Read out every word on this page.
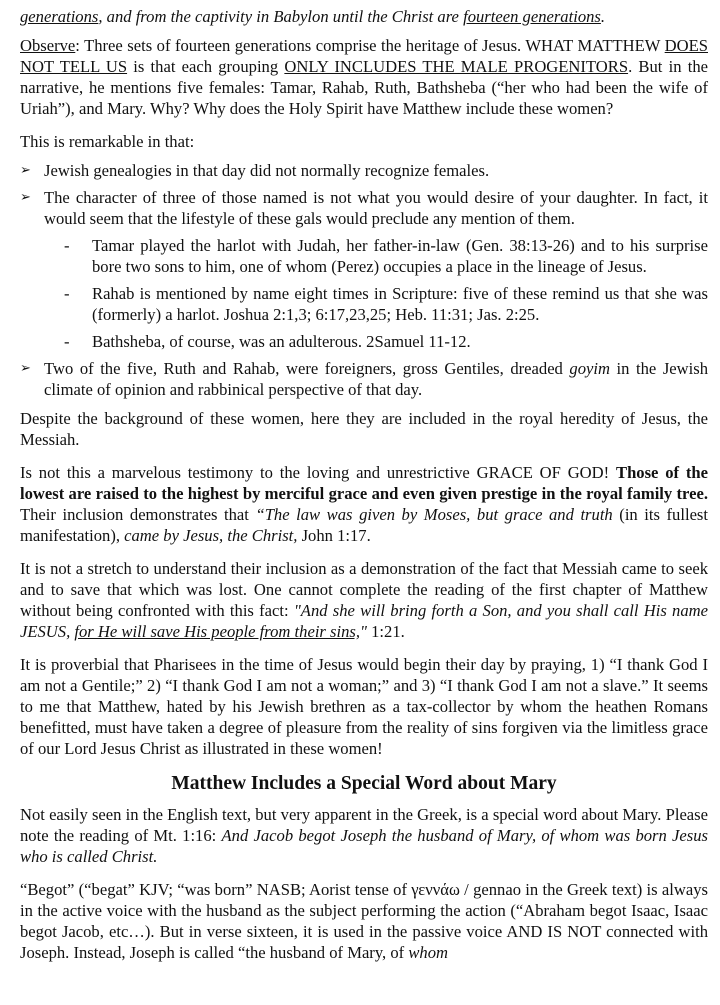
generations, and from the captivity in Babylon until the Christ are fourteen generations.

Observe: Three sets of fourteen generations comprise the heritage of Jesus. WHAT MATTHEW DOES NOT TELL US is that each grouping ONLY INCLUDES THE MALE PROGENITORS. But in the narrative, he mentions five females: Tamar, Rahab, Ruth, Bathsheba (“her who had been the wife of Uriah”), and Mary. Why? Why does the Holy Spirit have Matthew include these women?

This is remarkable in that:

➢ Jewish genealogies in that day did not normally recognize females.
➢ The character of three of those named is not what you would desire of your daughter. In fact, it would seem that the lifestyle of these gals would preclude any mention of them.
- Tamar played the harlot with Judah, her father-in-law (Gen. 38:13-26) and to his surprise bore two sons to him, one of whom (Perez) occupies a place in the lineage of Jesus.
- Rahab is mentioned by name eight times in Scripture: five of these remind us that she was (formerly) a harlot. Joshua 2:1,3; 6:17,23,25; Heb. 11:31; Jas. 2:25.
- Bathsheba, of course, was an adulterous. 2Samuel 11-12.
➢ Two of the five, Ruth and Rahab, were foreigners, gross Gentiles, dreaded goyim in the Jewish climate of opinion and rabbinical perspective of that day.

Despite the background of these women, here they are included in the royal heredity of Jesus, the Messiah.

Is not this a marvelous testimony to the loving and unrestrictive GRACE OF GOD! Those of the lowest are raised to the highest by merciful grace and even given prestige in the royal family tree. Their inclusion demonstrates that “The law was given by Moses, but grace and truth (in its fullest manifestation), came by Jesus, the Christ, John 1:17.

It is not a stretch to understand their inclusion as a demonstration of the fact that Messiah came to seek and to save that which was lost. One cannot complete the reading of the first chapter of Matthew without being confronted with this fact: "And she will bring forth a Son, and you shall call His name JESUS, for He will save His people from their sins," 1:21.

It is proverbial that Pharisees in the time of Jesus would begin their day by praying, 1) “I thank God I am not a Gentile;” 2) “I thank God I am not a woman;” and 3) “I thank God I am not a slave.” It seems to me that Matthew, hated by his Jewish brethren as a tax-collector by whom the heathen Romans benefitted, must have taken a degree of pleasure from the reality of sins forgiven via the limitless grace of our Lord Jesus Christ as illustrated in these women!

Matthew Includes a Special Word about Mary

Not easily seen in the English text, but very apparent in the Greek, is a special word about Mary. Please note the reading of Mt. 1:16: And Jacob begot Joseph the husband of Mary, of whom was born Jesus who is called Christ.

“Begot” (“begat” KJV; “was born” NASB; Aorist tense of γεννάω / gennao in the Greek text) is always in the active voice with the husband as the subject performing the action (“Abraham begot Isaac, Isaac begot Jacob, etc…). But in verse sixteen, it is used in the passive voice AND IS NOT connected with Joseph. Instead, Joseph is called “the husband of Mary, of whom
